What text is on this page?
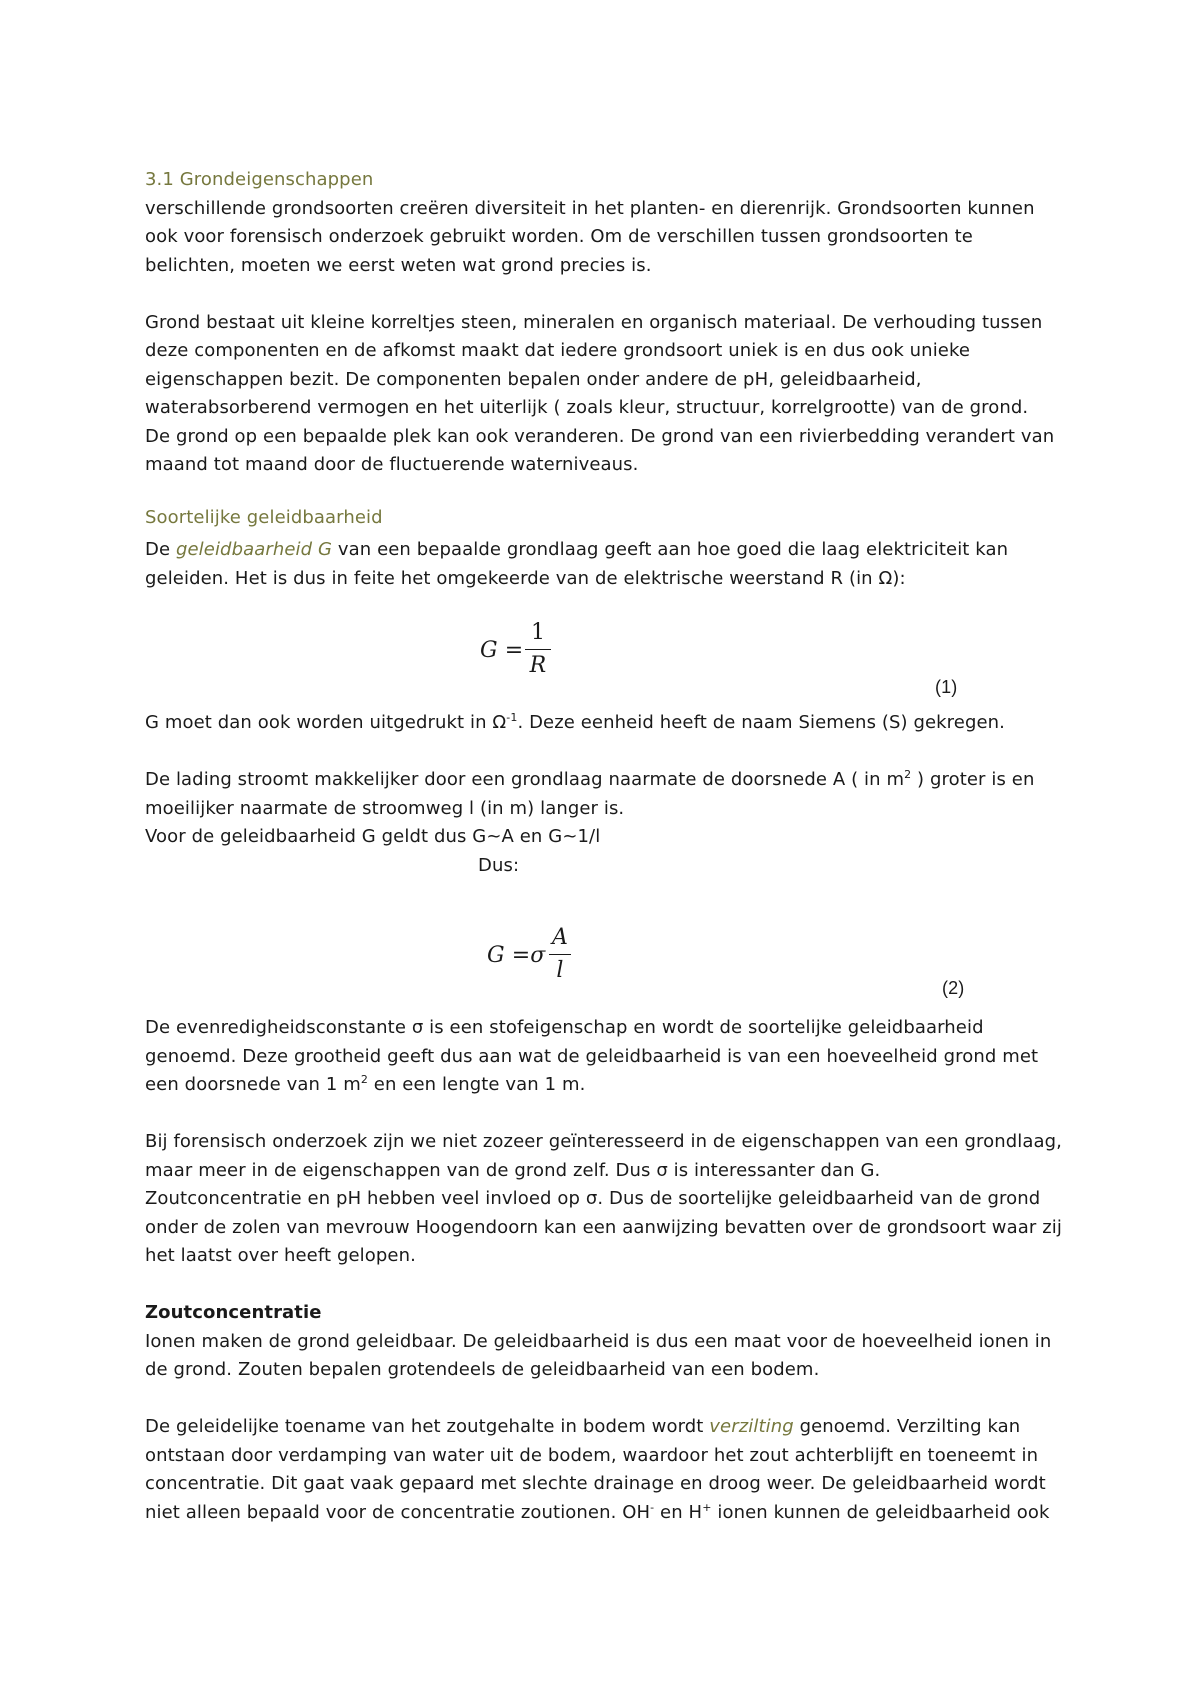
3.1 Grondeigenschappen
verschillende grondsoorten creëren diversiteit in het planten- en dierenrijk. Grondsoorten kunnen
ook voor forensisch onderzoek gebruikt worden. Om de verschillen tussen grondsoorten te
belichten, moeten we eerst weten wat grond precies is.
Grond bestaat uit kleine korreltjes steen, mineralen en organisch materiaal. De verhouding tussen
deze componenten en de afkomst maakt dat iedere grondsoort uniek is en dus ook unieke
eigenschappen bezit. De componenten bepalen onder andere de pH, geleidbaarheid,
waterabsorberend vermogen en het uiterlijk ( zoals kleur, structuur, korrelgrootte) van de grond.
De grond op een bepaalde plek kan ook veranderen. De grond van een rivierbedding verandert van
maand tot maand door de fluctuerende waterniveaus.
Soortelijke geleidbaarheid
De geleidbaarheid G van een bepaalde grondlaag geeft aan hoe goed die laag elektriciteit kan
geleiden. Het is dus in feite het omgekeerde van de elektrische weerstand R (in Ω):
G =
1
R
(1)
G moet dan ook worden uitgedrukt in $\Omega^{-1}$. Deze eenheid heeft de naam Siemens (S) gekregen.
De lading stroomt makkelijker door een grondlaag naarmate de doorsnede A ( in $m^2$ ) groter is en
moeilijker naarmate de stroomweg l (in m) langer is.
Voor de geleidbaarheid G geldt dus G~A en G~1/l
Dus:
G =σ
A
l
(2)
De evenredigheidsconstante σ is een stofeigenschap en wordt de soortelijke geleidbaarheid
genoemd. Deze grootheid geeft dus aan wat de geleidbaarheid is van een hoeveelheid grond met
een doorsnede van 1 $m^2$ en een lengte van 1 m.
Bij forensisch onderzoek zijn we niet zozeer geïnteresseerd in de eigenschappen van een grondlaag,
maar meer in de eigenschappen van de grond zelf. Dus σ is interessanter dan G.
Zoutconcentratie en pH hebben veel invloed op σ. Dus de soortelijke geleidbaarheid van de grond
onder de zolen van mevrouw Hoogendoorn kan een aanwijzing bevatten over de grondsoort waar zij
het laatst over heeft gelopen.
Zoutconcentratie
Ionen maken de grond geleidbaar. De geleidbaarheid is dus een maat voor de hoeveelheid ionen in
de grond. Zouten bepalen grotendeels de geleidbaarheid van een bodem.
De geleidelijke toename van het zoutgehalte in bodem wordt verzilting genoemd. Verzilting kan
ontstaan door verdamping van water uit de bodem, waardoor het zout achterblijft en toeneemt in
concentratie. Dit gaat vaak gepaard met slechte drainage en droog weer. De geleidbaarheid wordt
niet alleen bepaald voor de concentratie zoutionen. OH- en H+ ionen kunnen de geleidbaarheid ook
